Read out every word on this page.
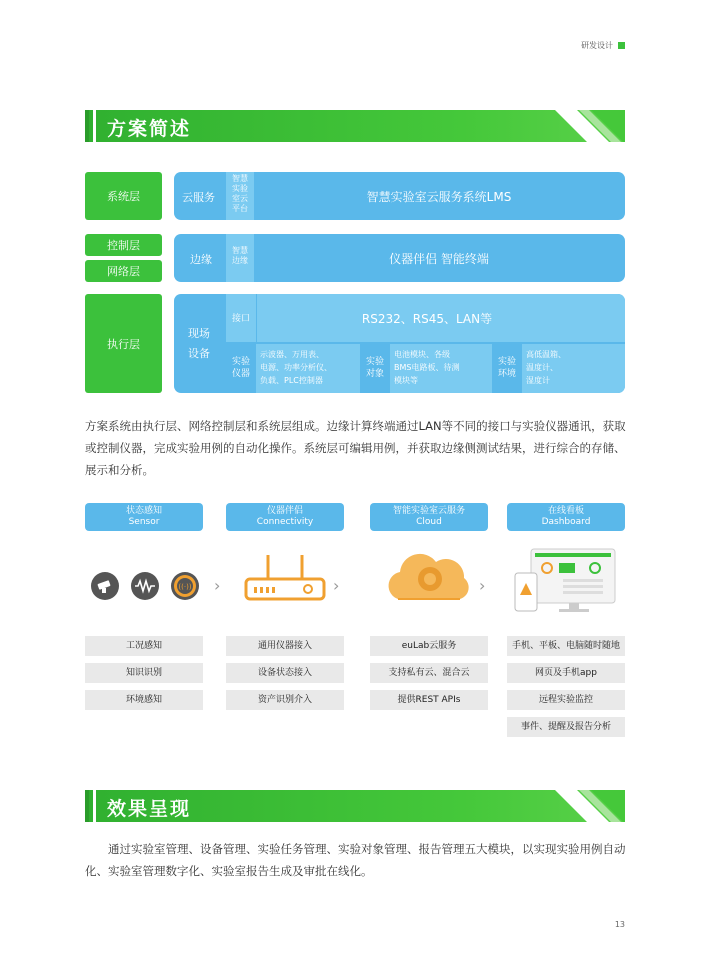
研发设计
方案简述
系统层	云服务
智慧
实验
室云
平台
智慧实验室云服务系统LMS
控制层
网络层
边缘
智慧
边缘	仪器伴侣 智能终端
执行层
现场
设备
接口	RS232、RS45、LAN等
实验
仪器
示波器、万用表、
电源、功率分析仪、
负载、PLC控制器
实验
对象
电池模块、各级
BMS电路板、待测
模块等
实验
环境
高低温箱、
温度计、
湿度计
方案系统由执行层、网络控制层和系统层组成。边缘计算终端通过LAN等不同的接口与实验仪器通讯，获取或控制仪器，完成实验用例的自动化操作。系统层可编辑用例，并获取边缘侧测试结果，进行综合的存储、展示和分析。
状态感知
Sensor
((·))
工况感知
知识识别
环境感知
›
仪器伴侣
Connectivity
通用仪器接入
设备状态接入
资产识别介入
›
智能实验室云服务
Cloud
euLab云服务
支持私有云、混合云
提供REST APIs
›
在线看板
Dashboard
手机、平板、电脑随时随地
网页及手机app
远程实验监控
事件、提醒及报告分析
效果呈现
通过实验室管理、设备管理、实验任务管理、实验对象管理、报告管理五大模块，以实现实验用例自动化、实验室管理数字化、实验室报告生成及审批在线化。
13
